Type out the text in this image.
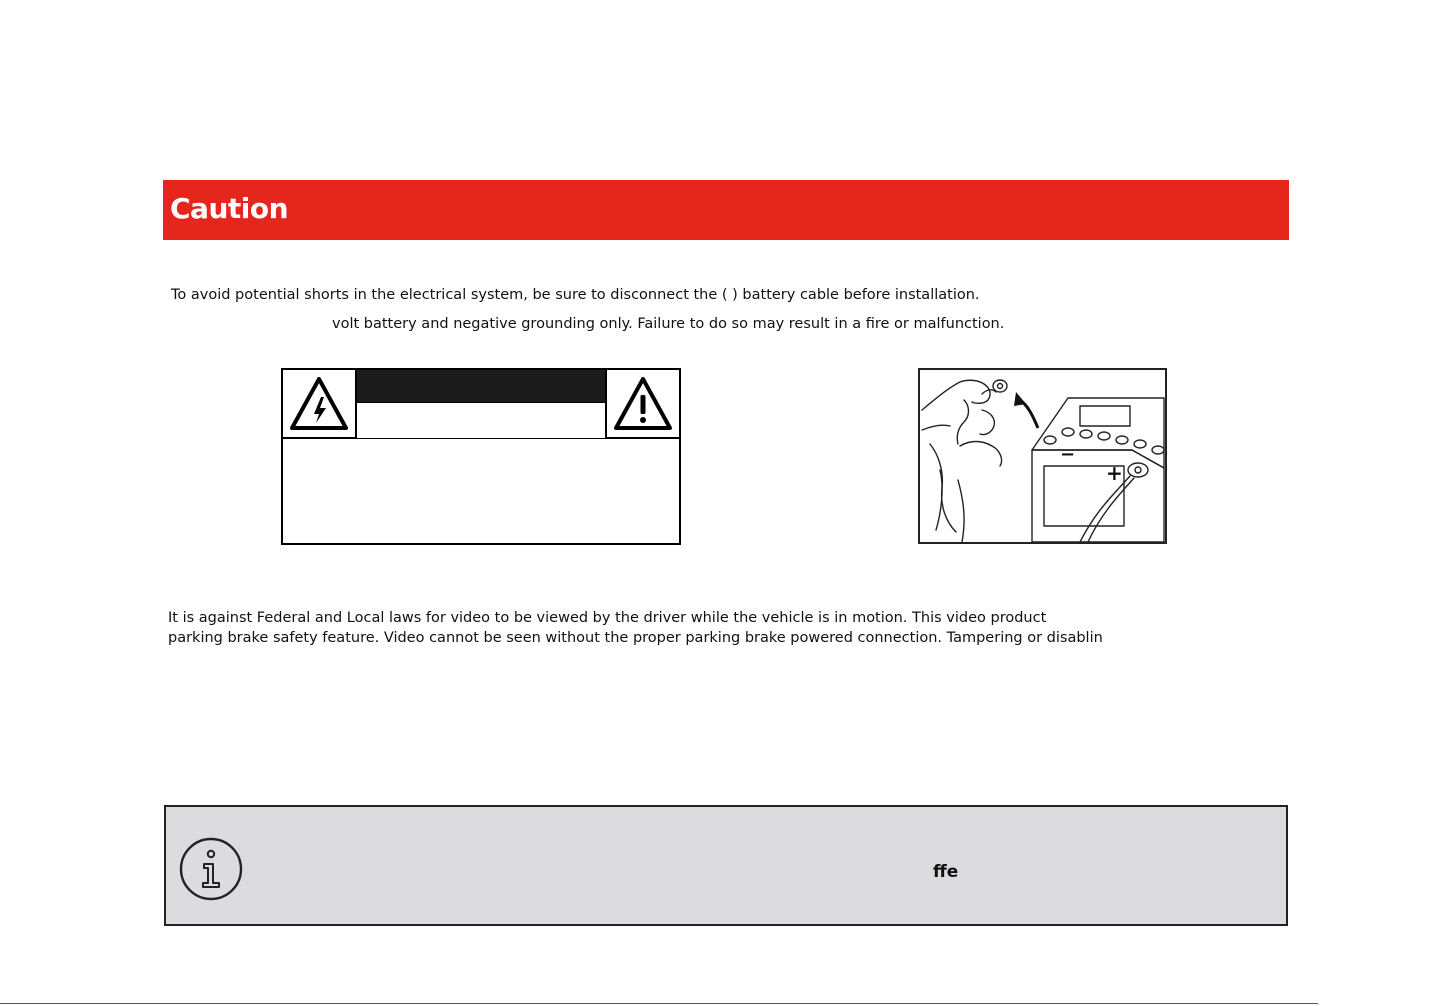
Caution
To avoid potential shorts in the electrical system, be sure to disconnect the ( ) battery cable before installation.
volt battery and negative grounding only. Failure to do so may result in a fire or malfunction.
−
+
It is against Federal and Local laws for video to be viewed by the driver while the vehicle is in motion. This video product
parking brake safety feature. Video cannot be seen without the proper parking brake powered connection. Tampering or disablin
ffe
